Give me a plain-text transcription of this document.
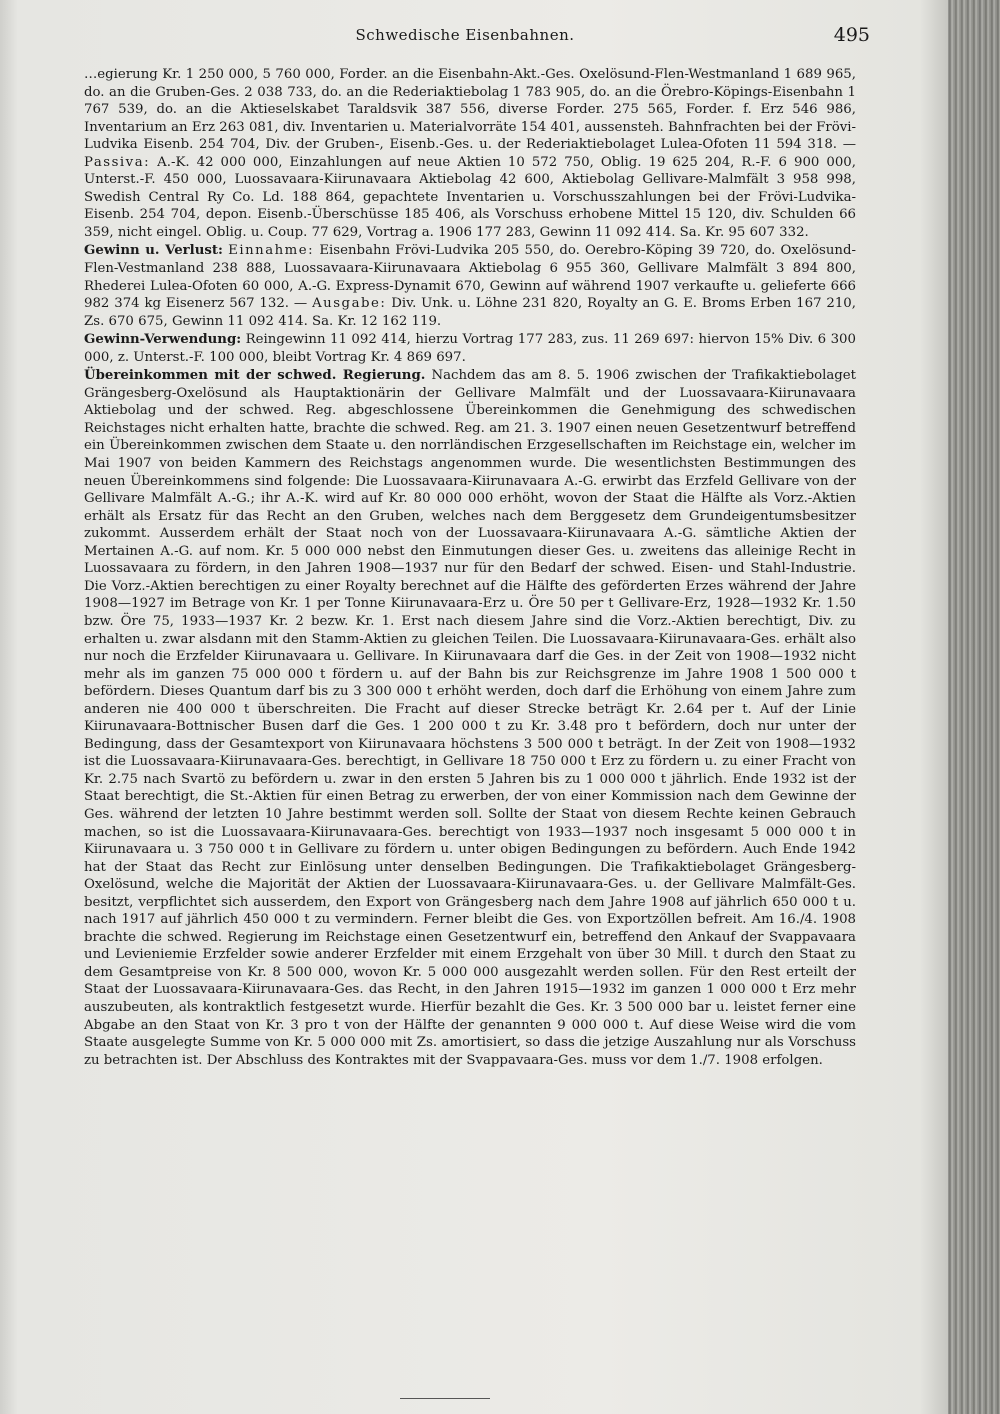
Schwedische Eisenbahnen.	495

…egierung Kr. 1 250 000, 5 760 000, Forder. an die Eisenbahn-Akt.-Ges. Oxelösund-Flen-Westmanland 1 689 965, do. an die Gruben-Ges. 2 038 733, do. an die Rederiaktiebolag 1 783 905, do. an die Örebro-Köpings-Eisenbahn 1 767 539, do. an die Aktieselskabet Taraldsvik 387 556, diverse Forder. 275 565, Forder. f. Erz 546 986, Inventarium an Erz 263 081, div. Inventarien u. Materialvorräte 154 401, aussensteh. Bahnfrachten bei der Frövi-Ludvika Eisenb. 254 704, Div. der Gruben-, Eisenb.-Ges. u. der Rederiaktiebolaget Lulea-Ofoten 11 594 318. — Passiva: A.-K. 42 000 000, Einzahlungen auf neue Aktien 10 572 750, Oblig. 19 625 204, R.-F. 6 900 000, Unterst.-F. 450 000, Luossavaara-Kiirunavaara Aktiebolag 42 600, Aktiebolag Gellivare-Malmfält 3 958 998, Swedish Central Ry Co. Ld. 188 864, gepachtete Inventarien u. Vorschusszahlungen bei der Frövi-Ludvika-Eisenb. 254 704, depon. Eisenb.-Überschüsse 185 406, als Vorschuss erhobene Mittel 15 120, div. Schulden 66 359, nicht eingel. Oblig. u. Coup. 77 629, Vortrag a. 1906 177 283, Gewinn 11 092 414. Sa. Kr. 95 607 332.

Gewinn u. Verlust: Einnahme: Eisenbahn Frövi-Ludvika 205 550, do. Oerebro-Köping 39 720, do. Oxelösund-Flen-Vestmanland 238 888, Luossavaara-Kiirunavaara Aktiebolag 6 955 360, Gellivare Malmfält 3 894 800, Rhederei Lulea-Ofoten 60 000, A.-G. Express-Dynamit 670, Gewinn auf während 1907 verkaufte u. gelieferte 666 982 374 kg Eisenerz 567 132. — Ausgabe: Div. Unk. u. Löhne 231 820, Royalty an G. E. Broms Erben 167 210, Zs. 670 675, Gewinn 11 092 414. Sa. Kr. 12 162 119.

Gewinn-Verwendung: Reingewinn 11 092 414, hierzu Vortrag 177 283, zus. 11 269 697: hiervon 15% Div. 6 300 000, z. Unterst.-F. 100 000, bleibt Vortrag Kr. 4 869 697.

Übereinkommen mit der schwed. Regierung. Nachdem das am 8. 5. 1906 zwischen der Trafikaktiebolaget Grängesberg-Oxelösund als Hauptaktionärin der Gellivare Malmfält und der Luossavaara-Kiirunavaara Aktiebolag und der schwed. Reg. abgeschlossene Übereinkommen die Genehmigung des schwedischen Reichstages nicht erhalten hatte, brachte die schwed. Reg. am 21. 3. 1907 einen neuen Gesetzentwurf betreffend ein Übereinkommen zwischen dem Staate u. den norrländischen Erzgesellschaften im Reichstage ein, welcher im Mai 1907 von beiden Kammern des Reichstags angenommen wurde. Die wesentlichsten Bestimmungen des neuen Übereinkommens sind folgende: Die Luossavaara-Kiirunavaara A.-G. erwirbt das Erzfeld Gellivare von der Gellivare Malmfält A.-G.; ihr A.-K. wird auf Kr. 80 000 000 erhöht, wovon der Staat die Hälfte als Vorz.-Aktien erhält als Ersatz für das Recht an den Gruben, welches nach dem Berggesetz dem Grundeigentumsbesitzer zukommt. Ausserdem erhält der Staat noch von der Luossavaara-Kiirunavaara A.-G. sämtliche Aktien der Mertainen A.-G. auf nom. Kr. 5 000 000 nebst den Einmutungen dieser Ges. u. zweitens das alleinige Recht in Luossavaara zu fördern, in den Jahren 1908—1937 nur für den Bedarf der schwed. Eisen- und Stahl-Industrie. Die Vorz.-Aktien berechtigen zu einer Royalty berechnet auf die Hälfte des geförderten Erzes während der Jahre 1908—1927 im Betrage von Kr. 1 per Tonne Kiirunavaara-Erz u. Öre 50 per t Gellivare-Erz, 1928—1932 Kr. 1.50 bzw. Öre 75, 1933—1937 Kr. 2 bezw. Kr. 1. Erst nach diesem Jahre sind die Vorz.-Aktien berechtigt, Div. zu erhalten u. zwar alsdann mit den Stamm-Aktien zu gleichen Teilen. Die Luossavaara-Kiirunavaara-Ges. erhält also nur noch die Erzfelder Kiirunavaara u. Gellivare. In Kiirunavaara darf die Ges. in der Zeit von 1908—1932 nicht mehr als im ganzen 75 000 000 t fördern u. auf der Bahn bis zur Reichsgrenze im Jahre 1908 1 500 000 t befördern. Dieses Quantum darf bis zu 3 300 000 t erhöht werden, doch darf die Erhöhung von einem Jahre zum anderen nie 400 000 t überschreiten. Die Fracht auf dieser Strecke beträgt Kr. 2.64 per t. Auf der Linie Kiirunavaara-Bottnischer Busen darf die Ges. 1 200 000 t zu Kr. 3.48 pro t befördern, doch nur unter der Bedingung, dass der Gesamtexport von Kiirunavaara höchstens 3 500 000 t beträgt. In der Zeit von 1908—1932 ist die Luossavaara-Kiirunavaara-Ges. berechtigt, in Gellivare 18 750 000 t Erz zu fördern u. zu einer Fracht von Kr. 2.75 nach Svartö zu befördern u. zwar in den ersten 5 Jahren bis zu 1 000 000 t jährlich. Ende 1932 ist der Staat berechtigt, die St.-Aktien für einen Betrag zu erwerben, der von einer Kommission nach dem Gewinne der Ges. während der letzten 10 Jahre bestimmt werden soll. Sollte der Staat von diesem Rechte keinen Gebrauch machen, so ist die Luossavaara-Kiirunavaara-Ges. berechtigt von 1933—1937 noch insgesamt 5 000 000 t in Kiirunavaara u. 3 750 000 t in Gellivare zu fördern u. unter obigen Bedingungen zu befördern. Auch Ende 1942 hat der Staat das Recht zur Einlösung unter denselben Bedingungen. Die Trafikaktiebolaget Grängesberg-Oxelösund, welche die Majorität der Aktien der Luossavaara-Kiirunavaara-Ges. u. der Gellivare Malmfält-Ges. besitzt, verpflichtet sich ausserdem, den Export von Grängesberg nach dem Jahre 1908 auf jährlich 650 000 t u. nach 1917 auf jährlich 450 000 t zu vermindern. Ferner bleibt die Ges. von Exportzöllen befreit. Am 16./4. 1908 brachte die schwed. Regierung im Reichstage einen Gesetzentwurf ein, betreffend den Ankauf der Svappavaara und Levieniemie Erzfelder sowie anderer Erzfelder mit einem Erzgehalt von über 30 Mill. t durch den Staat zu dem Gesamtpreise von Kr. 8 500 000, wovon Kr. 5 000 000 ausgezahlt werden sollen. Für den Rest erteilt der Staat der Luossavaara-Kiirunavaara-Ges. das Recht, in den Jahren 1915—1932 im ganzen 1 000 000 t Erz mehr auszubeuten, als kontraktlich festgesetzt wurde. Hierfür bezahlt die Ges. Kr. 3 500 000 bar u. leistet ferner eine Abgabe an den Staat von Kr. 3 pro t von der Hälfte der genannten 9 000 000 t. Auf diese Weise wird die vom Staate ausgelegte Summe von Kr. 5 000 000 mit Zs. amortisiert, so dass die jetzige Auszahlung nur als Vorschuss zu betrachten ist. Der Abschluss des Kontraktes mit der Svappavaara-Ges. muss vor dem 1./7. 1908 erfolgen.
